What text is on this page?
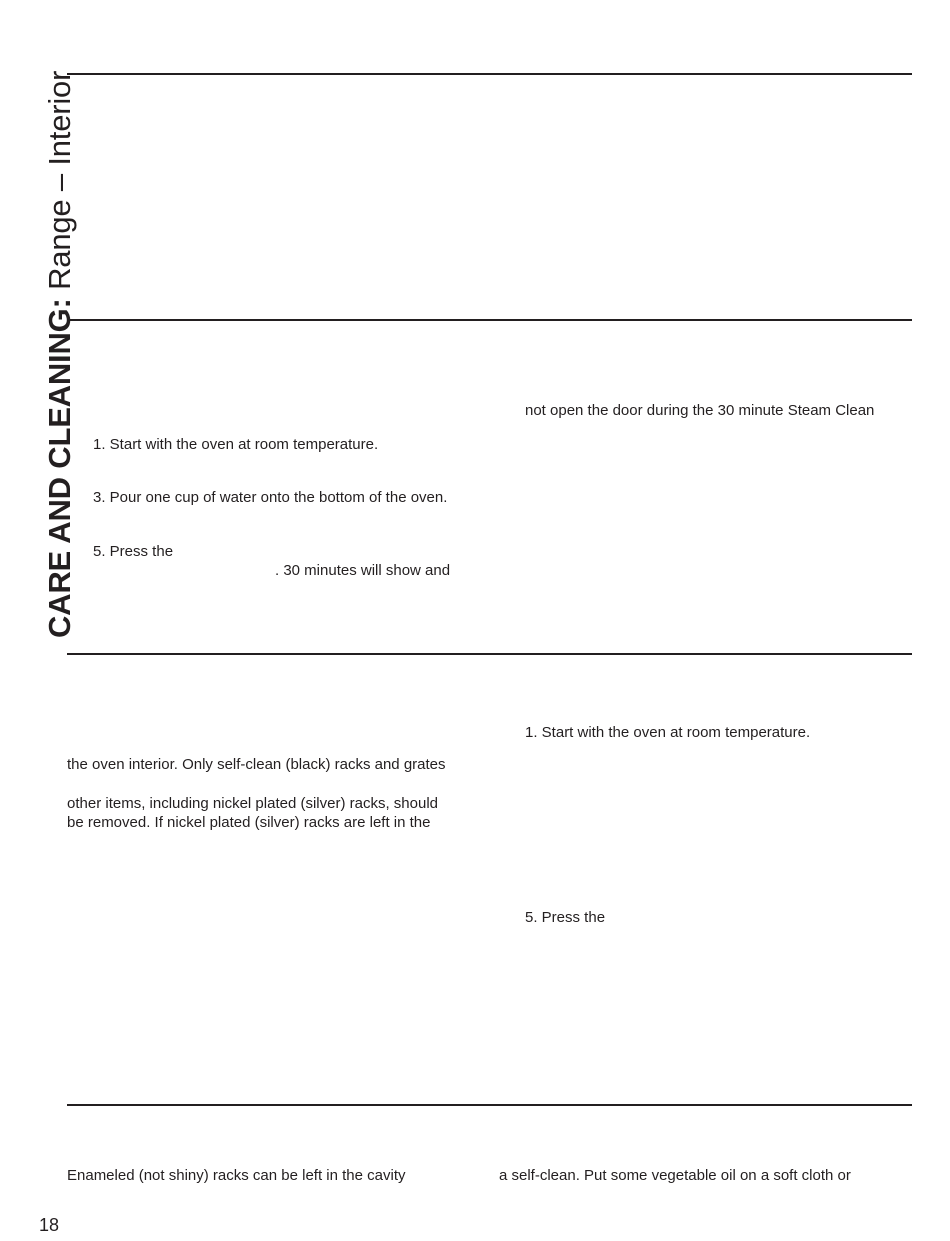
CARE AND CLEANING: Range – Interior
not open the door during the 30 minute Steam Clean
1. Start with the oven at room temperature.
3. Pour one cup of water onto the bottom of the oven.
5. Press the
. 30 minutes will show and
1. Start with the oven at room temperature.
the oven interior. Only self-clean (black) racks and grates
other items, including nickel plated (silver) racks, should
be removed. If nickel plated (silver) racks are left in the
5. Press the
Enameled (not shiny) racks can be left in the cavity	a self-clean. Put some vegetable oil on a soft cloth or
18
